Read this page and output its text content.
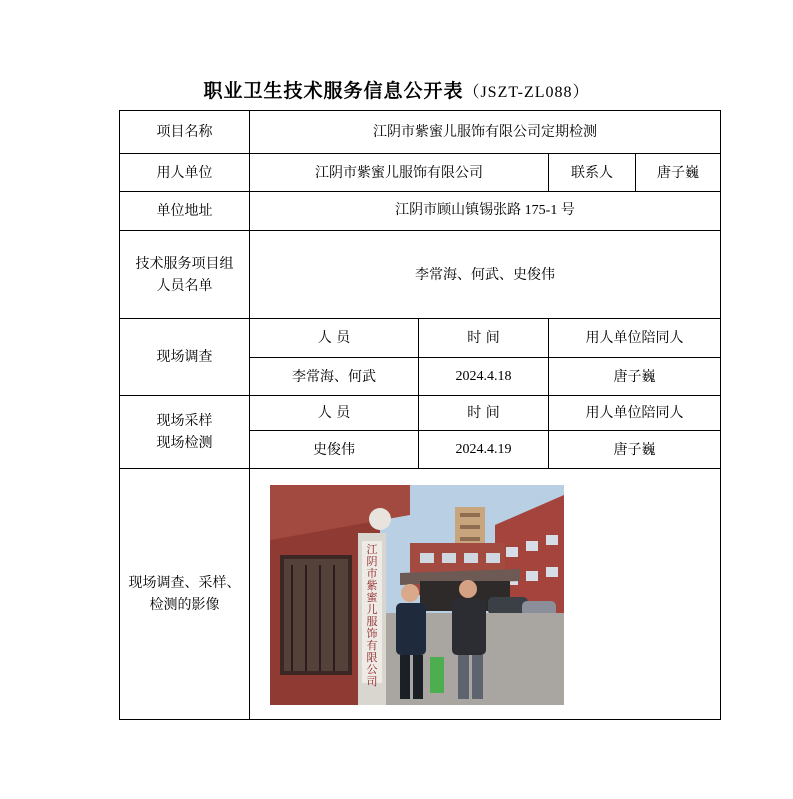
职业卫生技术服务信息公开表（JSZT-ZL088）
项目名称	江阴市紫蜜儿服饰有限公司定期检测			
用人单位	江阴市紫蜜儿服饰有限公司		联系人	唐子巍
单位地址	江阴市顾山镇锡张路 175-1 号			

技术服务项目组
人员名单	李常海、何武、史俊伟			
现场调查	人 员	时 间	用人单位陪同人	
	李常海、何武	2024.4.18	唐子巍	

现场采样
现场检测	人 员	时 间	用人单位陪同人	
	史俊伟	2024.4.19	唐子巍	

现场调查、采样、
检测的影像	江阴市紫蜜儿服饰有限公司			
